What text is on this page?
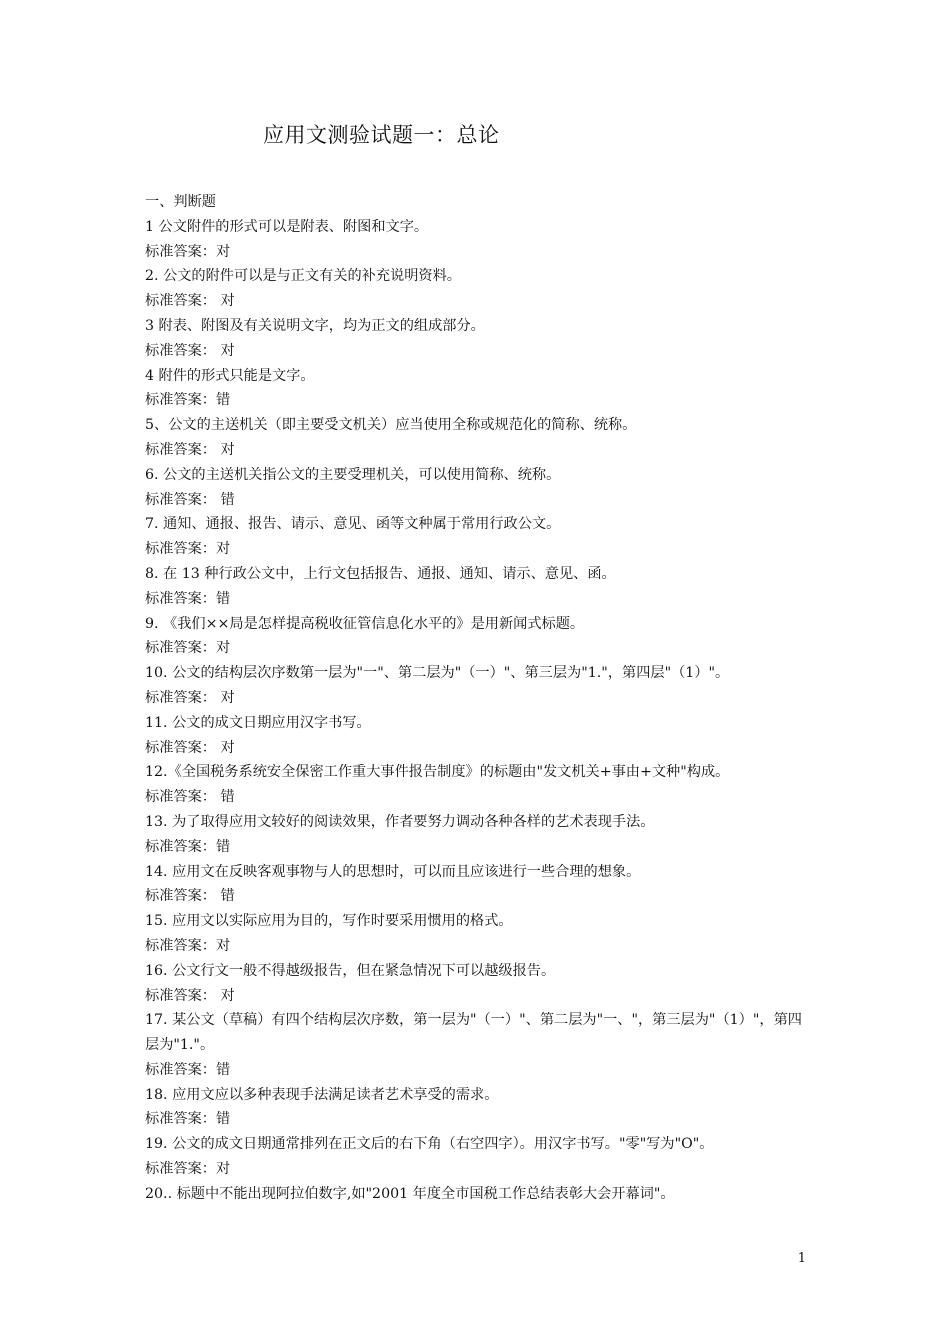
应用文测验试题一：总论
一、判断题
1 公文附件的形式可以是附表、附图和文字。
标准答案：对
2. 公文的附件可以是与正文有关的补充说明资料。
标准答案： 对
3 附表、附图及有关说明文字，均为正文的组成部分。
标准答案： 对
4 附件的形式只能是文字。
标准答案：错
5、公文的主送机关（即主要受文机关）应当使用全称或规范化的简称、统称。
标准答案： 对
6. 公文的主送机关指公文的主要受理机关，可以使用简称、统称。
标准答案： 错
7. 通知、通报、报告、请示、意见、函等文种属于常用行政公文。
标准答案：对
8. 在 13 种行政公文中，上行文包括报告、通报、通知、请示、意见、函。
标准答案：错
9. 《我们××局是怎样提高税收征管信息化水平的》是用新闻式标题。
标准答案：对
10. 公文的结构层次序数第一层为"一"、第二层为"（一）"、第三层为"1."，第四层"（1）"。
标准答案： 对
11. 公文的成文日期应用汉字书写。
标准答案： 对
12.《全国税务系统安全保密工作重大事件报告制度》的标题由"发文机关+事由+文种"构成。
标准答案： 错
13. 为了取得应用文较好的阅读效果，作者要努力调动各种各样的艺术表现手法。
标准答案：错
14. 应用文在反映客观事物与人的思想时，可以而且应该进行一些合理的想象。
标准答案： 错
15. 应用文以实际应用为目的，写作时要采用惯用的格式。
标准答案：对
16. 公文行文一般不得越级报告，但在紧急情况下可以越级报告。
标准答案： 对
17. 某公文（草稿）有四个结构层次序数，第一层为"（一）"、第二层为"一、"，第三层为"（1）"，第四层为"1."。
标准答案：错
18. 应用文应以多种表现手法满足读者艺术享受的需求。
标准答案：错
19. 公文的成文日期通常排列在正文后的右下角（右空四字）。用汉字书写。"零"写为"O"。
标准答案：对
20.. 标题中不能出现阿拉伯数字,如"2001 年度全市国税工作总结表彰大会开幕词"。
1
